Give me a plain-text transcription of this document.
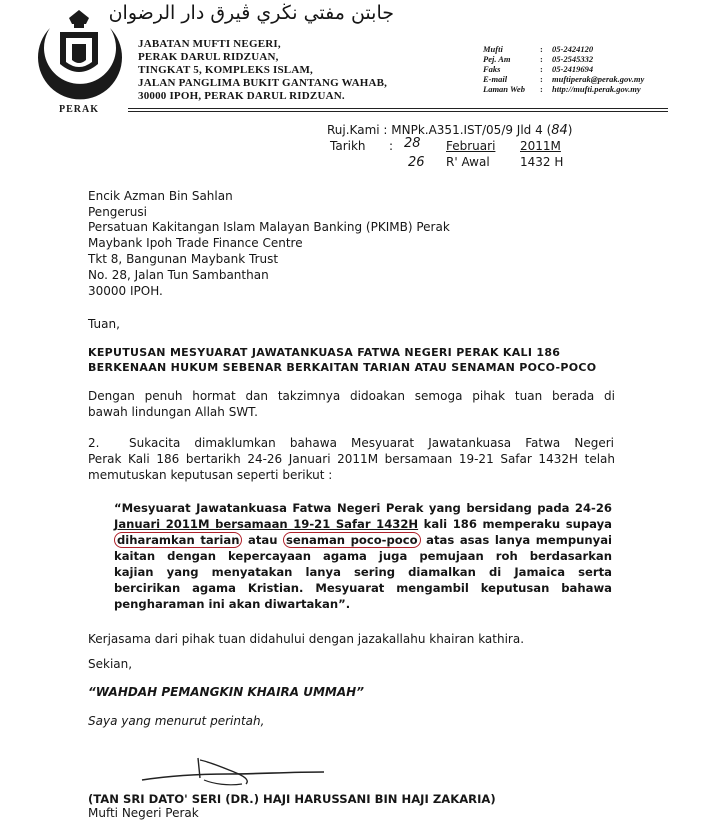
PERAK
جابتن مفتي نڬري ڤيرق دار الرضوان
JABATAN MUFTI NEGERI,
PERAK DARUL RIDZUAN,
TINGKAT 5, KOMPLEKS ISLAM,
JALAN PANGLIMA BUKIT GANTANG WAHAB,
30000 IPOH, PERAK DARUL RIDZUAN.
Mufti
Pej. Am
Faks
E-mail
Laman Web
:
:
:
:
:
05-2424120
05-2545332
05-2419694
muftiperak@perak.gov.my
http://mufti.perak.gov.my
Ruj.Kami : MNPk.A351.IST/05/9 Jld 4 (84)
Tarikh : 28 Februari 2011M
26 R' Awal	1432 H
Encik Azman Bin Sahlan
Pengerusi
Persatuan Kakitangan Islam Malayan Banking (PKIMB) Perak
Maybank Ipoh Trade Finance Centre
Tkt 8, Bangunan Maybank Trust
No. 28, Jalan Tun Sambanthan
30000 IPOH.
Tuan,
KEPUTUSAN MESYUARAT JAWATANKUASA FATWA NEGERI PERAK KALI 186
BERKENAAN HUKUM SEBENAR BERKAITAN TARIAN ATAU SENAMAN POCO-POCO
Dengan penuh hormat dan takzimnya didoakan semoga pihak tuan berada di
bawah lindungan Allah SWT.
2. Sukacita dimaklumkan bahawa Mesyuarat Jawatankuasa Fatwa Negeri
Perak Kali 186 bertarikh 24-26 Januari 2011M bersamaan 19-21 Safar 1432H telah
memutuskan keputusan seperti berikut :
“Mesyuarat Jawatankuasa Fatwa Negeri Perak yang bersidang pada 24-26
Januari 2011M bersamaan 19-21 Safar 1432H kali 186 memperaku supaya
diharamkan tarian atau senaman poco-poco atas asas lanya mempunyai
kaitan dengan kepercayaan agama juga pemujaan roh berdasarkan
kajian yang menyatakan lanya sering diamalkan di Jamaica serta
bercirikan agama Kristian. Mesyuarat mengambil keputusan bahawa
pengharaman ini akan diwartakan”.
Kerjasama dari pihak tuan didahului dengan jazakallahu khairan kathira.
Sekian,
“WAHDAH PEMANGKIN KHAIRA UMMAH”
Saya yang menurut perintah,
(TAN SRI DATO' SERI (DR.) HAJI HARUSSANI BIN HAJI ZAKARIA)
Mufti Negeri Perak
